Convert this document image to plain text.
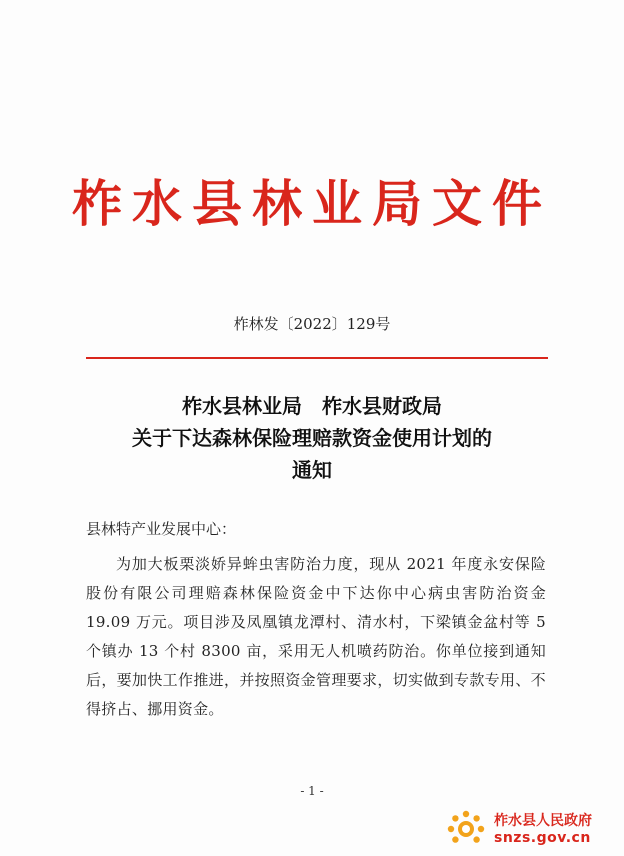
柞水县林业局文件
柞林发〔2022〕129号
柞水县林业局　柞水县财政局
关于下达森林保险理赔款资金使用计划的
通知
县林特产业发展中心：
为加大板栗淡娇异蛑虫害防治力度，现从 2021 年度永安保险股份有限公司理赔森林保险资金中下达你中心病虫害防治资金 19.09 万元。项目涉及凤凰镇龙潭村、清水村，下梁镇金盆村等 5 个镇办 13 个村 8300 亩，采用无人机喷药防治。你单位接到通知后，要加快工作推进，并按照资金管理要求，切实做到专款专用、不得挤占、挪用资金。
- 1 -
柞水县人民政府
snzs.gov.cn
